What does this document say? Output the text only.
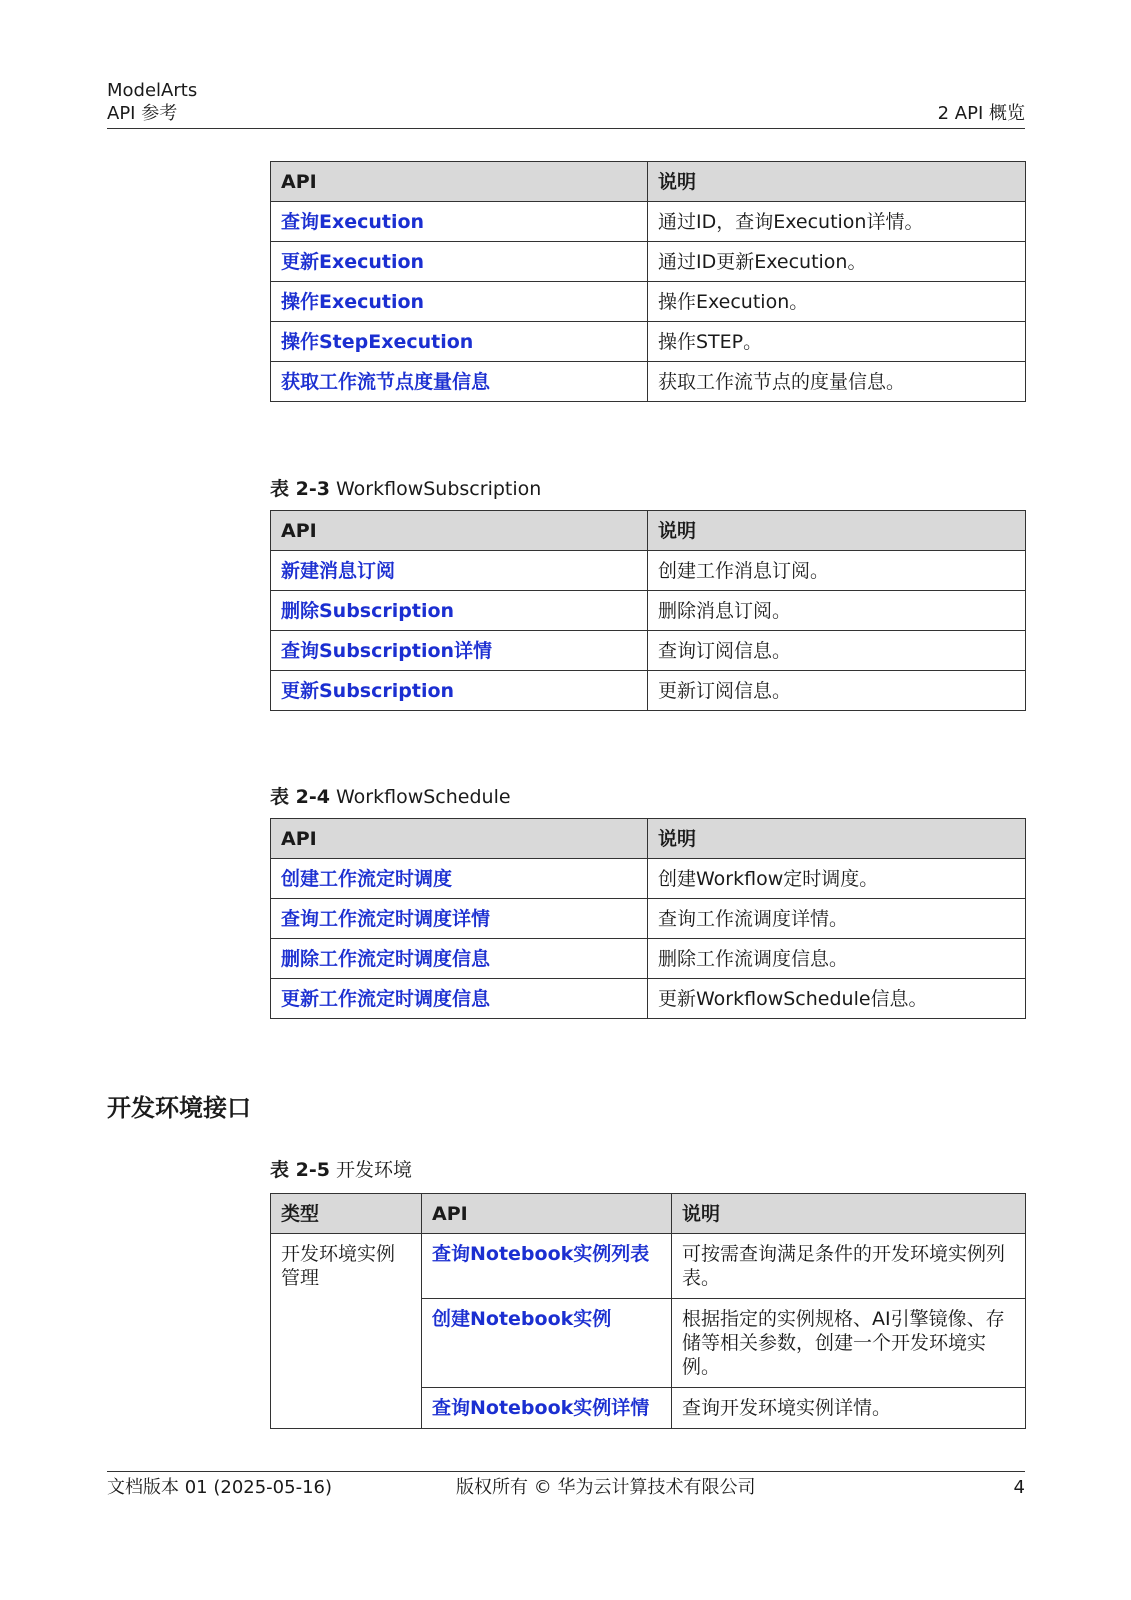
ModelArts
API 参考	2 API 概览
API	说明
查询Execution	通过ID，查询Execution详情。
更新Execution	通过ID更新Execution。
操作Execution	操作Execution。
操作StepExecution	操作STEP。
获取工作流节点度量信息	获取工作流节点的度量信息。
表 2-3 WorkflowSubscription
API	说明
新建消息订阅	创建工作消息订阅。
删除Subscription	删除消息订阅。
查询Subscription详情	查询订阅信息。
更新Subscription	更新订阅信息。
表 2-4 WorkflowSchedule
API	说明
创建工作流定时调度	创建Workflow定时调度。
查询工作流定时调度详情	查询工作流调度详情。
删除工作流定时调度信息	删除工作流调度信息。
更新工作流定时调度信息	更新WorkflowSchedule信息。
开发环境接口
表 2-5 开发环境
类型	API	说明
开发环境实例管理	查询Notebook实例列表	可按需查询满足条件的开发环境实例列表。
	创建Notebook实例	根据指定的实例规格、AI引擎镜像、存储等相关参数，创建一个开发环境实例。
	查询Notebook实例详情	查询开发环境实例详情。
文档版本 01 (2025-05-16)	版权所有 © 华为云计算技术有限公司	4
